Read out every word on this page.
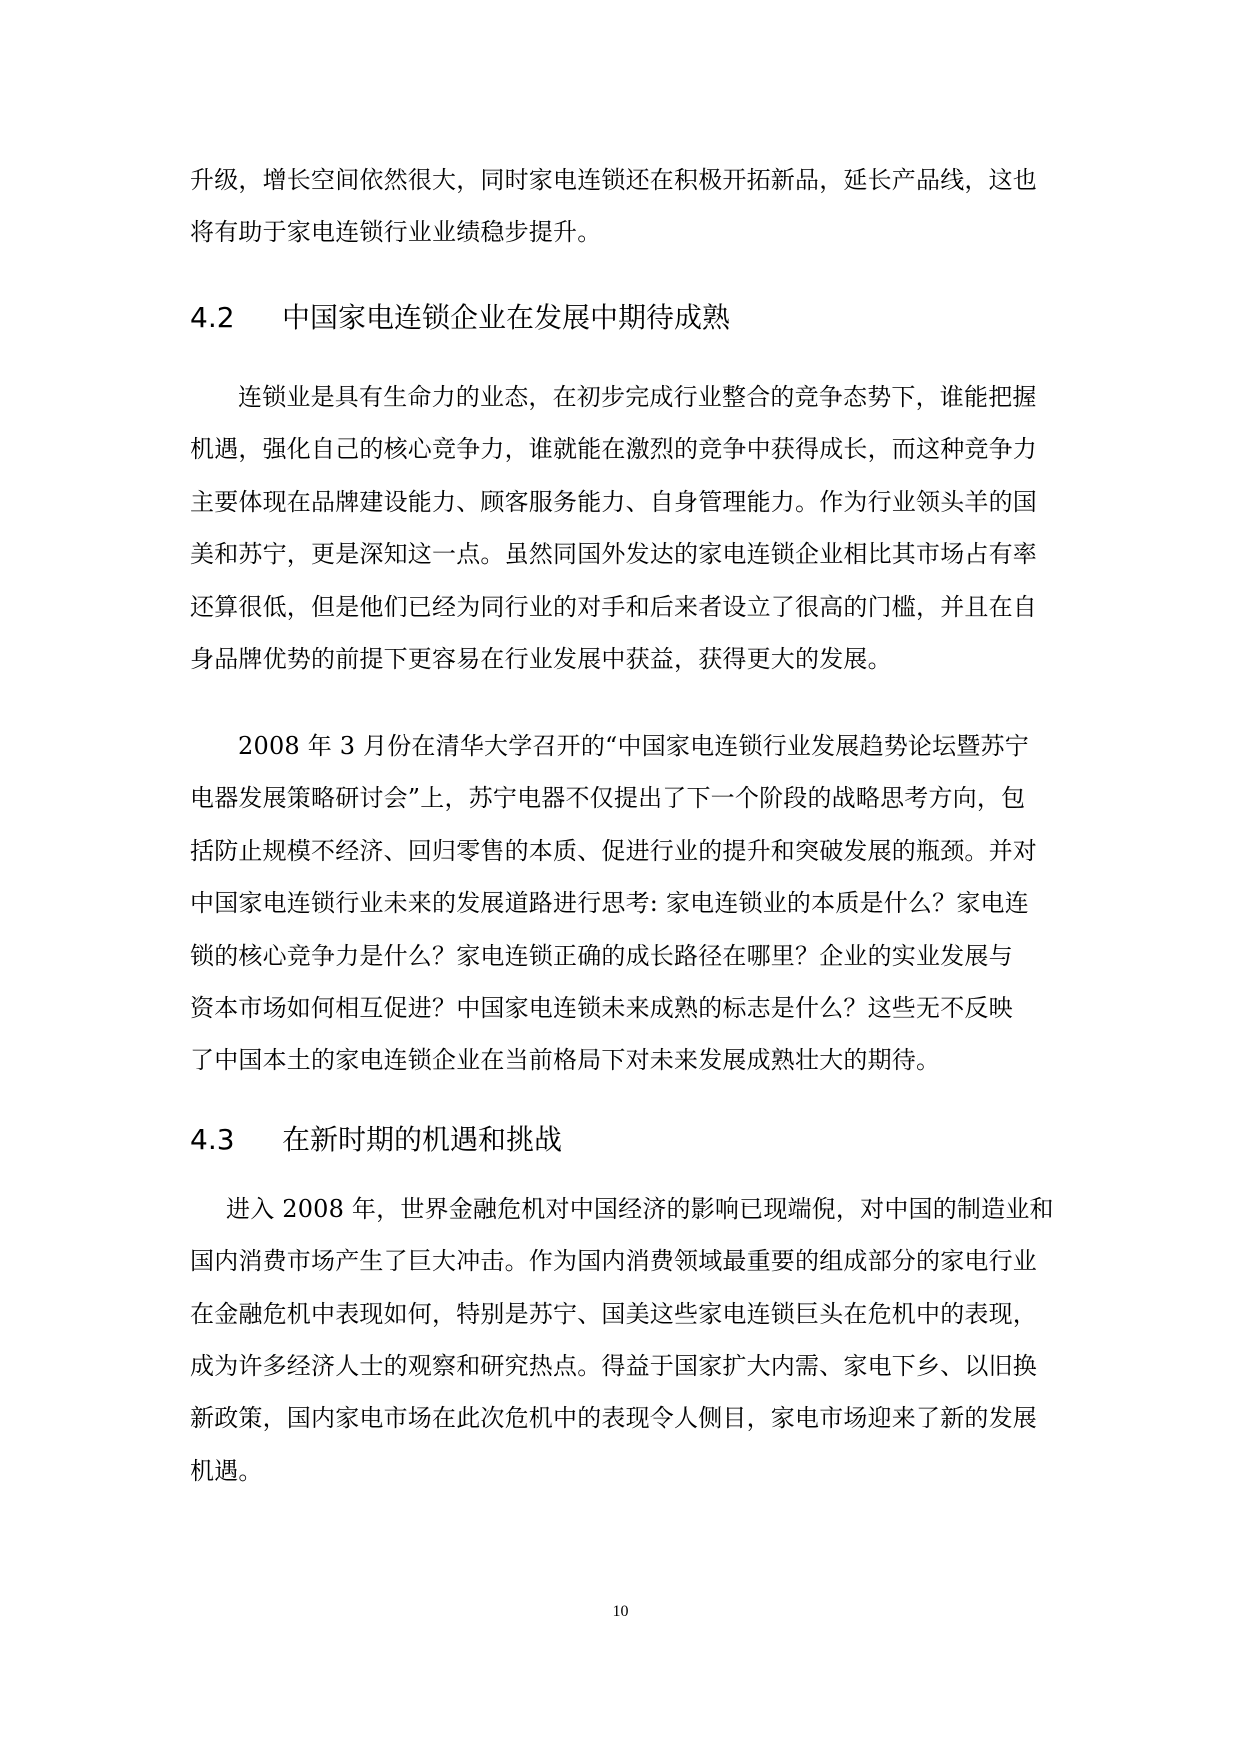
升级，增长空间依然很大，同时家电连锁还在积极开拓新品，延长产品线，这也
将有助于家电连锁行业业绩稳步提升。
4.2 中国家电连锁企业在发展中期待成熟
连锁业是具有生命力的业态，在初步完成行业整合的竞争态势下，谁能把握
机遇，强化自己的核心竞争力，谁就能在激烈的竞争中获得成长，而这种竞争力
主要体现在品牌建设能力、顾客服务能力、自身管理能力。作为行业领头羊的国
美和苏宁，更是深知这一点。虽然同国外发达的家电连锁企业相比其市场占有率
还算很低，但是他们已经为同行业的对手和后来者设立了很高的门槛，并且在自
身品牌优势的前提下更容易在行业发展中获益，获得更大的发展。
2008 年 3 月份在清华大学召开的“中国家电连锁行业发展趋势论坛暨苏宁
电器发展策略研讨会”上，苏宁电器不仅提出了下一个阶段的战略思考方向，包
括防止规模不经济、回归零售的本质、促进行业的提升和突破发展的瓶颈。并对
中国家电连锁行业未来的发展道路进行思考: 家电连锁业的本质是什么？家电连
锁的核心竞争力是什么？家电连锁正确的成长路径在哪里？企业的实业发展与
资本市场如何相互促进？中国家电连锁未来成熟的标志是什么？这些无不反映
了中国本土的家电连锁企业在当前格局下对未来发展成熟壮大的期待。
4.3 在新时期的机遇和挑战
进入 2008 年，世界金融危机对中国经济的影响已现端倪，对中国的制造业和
国内消费市场产生了巨大冲击。作为国内消费领域最重要的组成部分的家电行业
在金融危机中表现如何，特别是苏宁、国美这些家电连锁巨头在危机中的表现，
成为许多经济人士的观察和研究热点。得益于国家扩大内需、家电下乡、以旧换
新政策，国内家电市场在此次危机中的表现令人侧目，家电市场迎来了新的发展
机遇。
10
